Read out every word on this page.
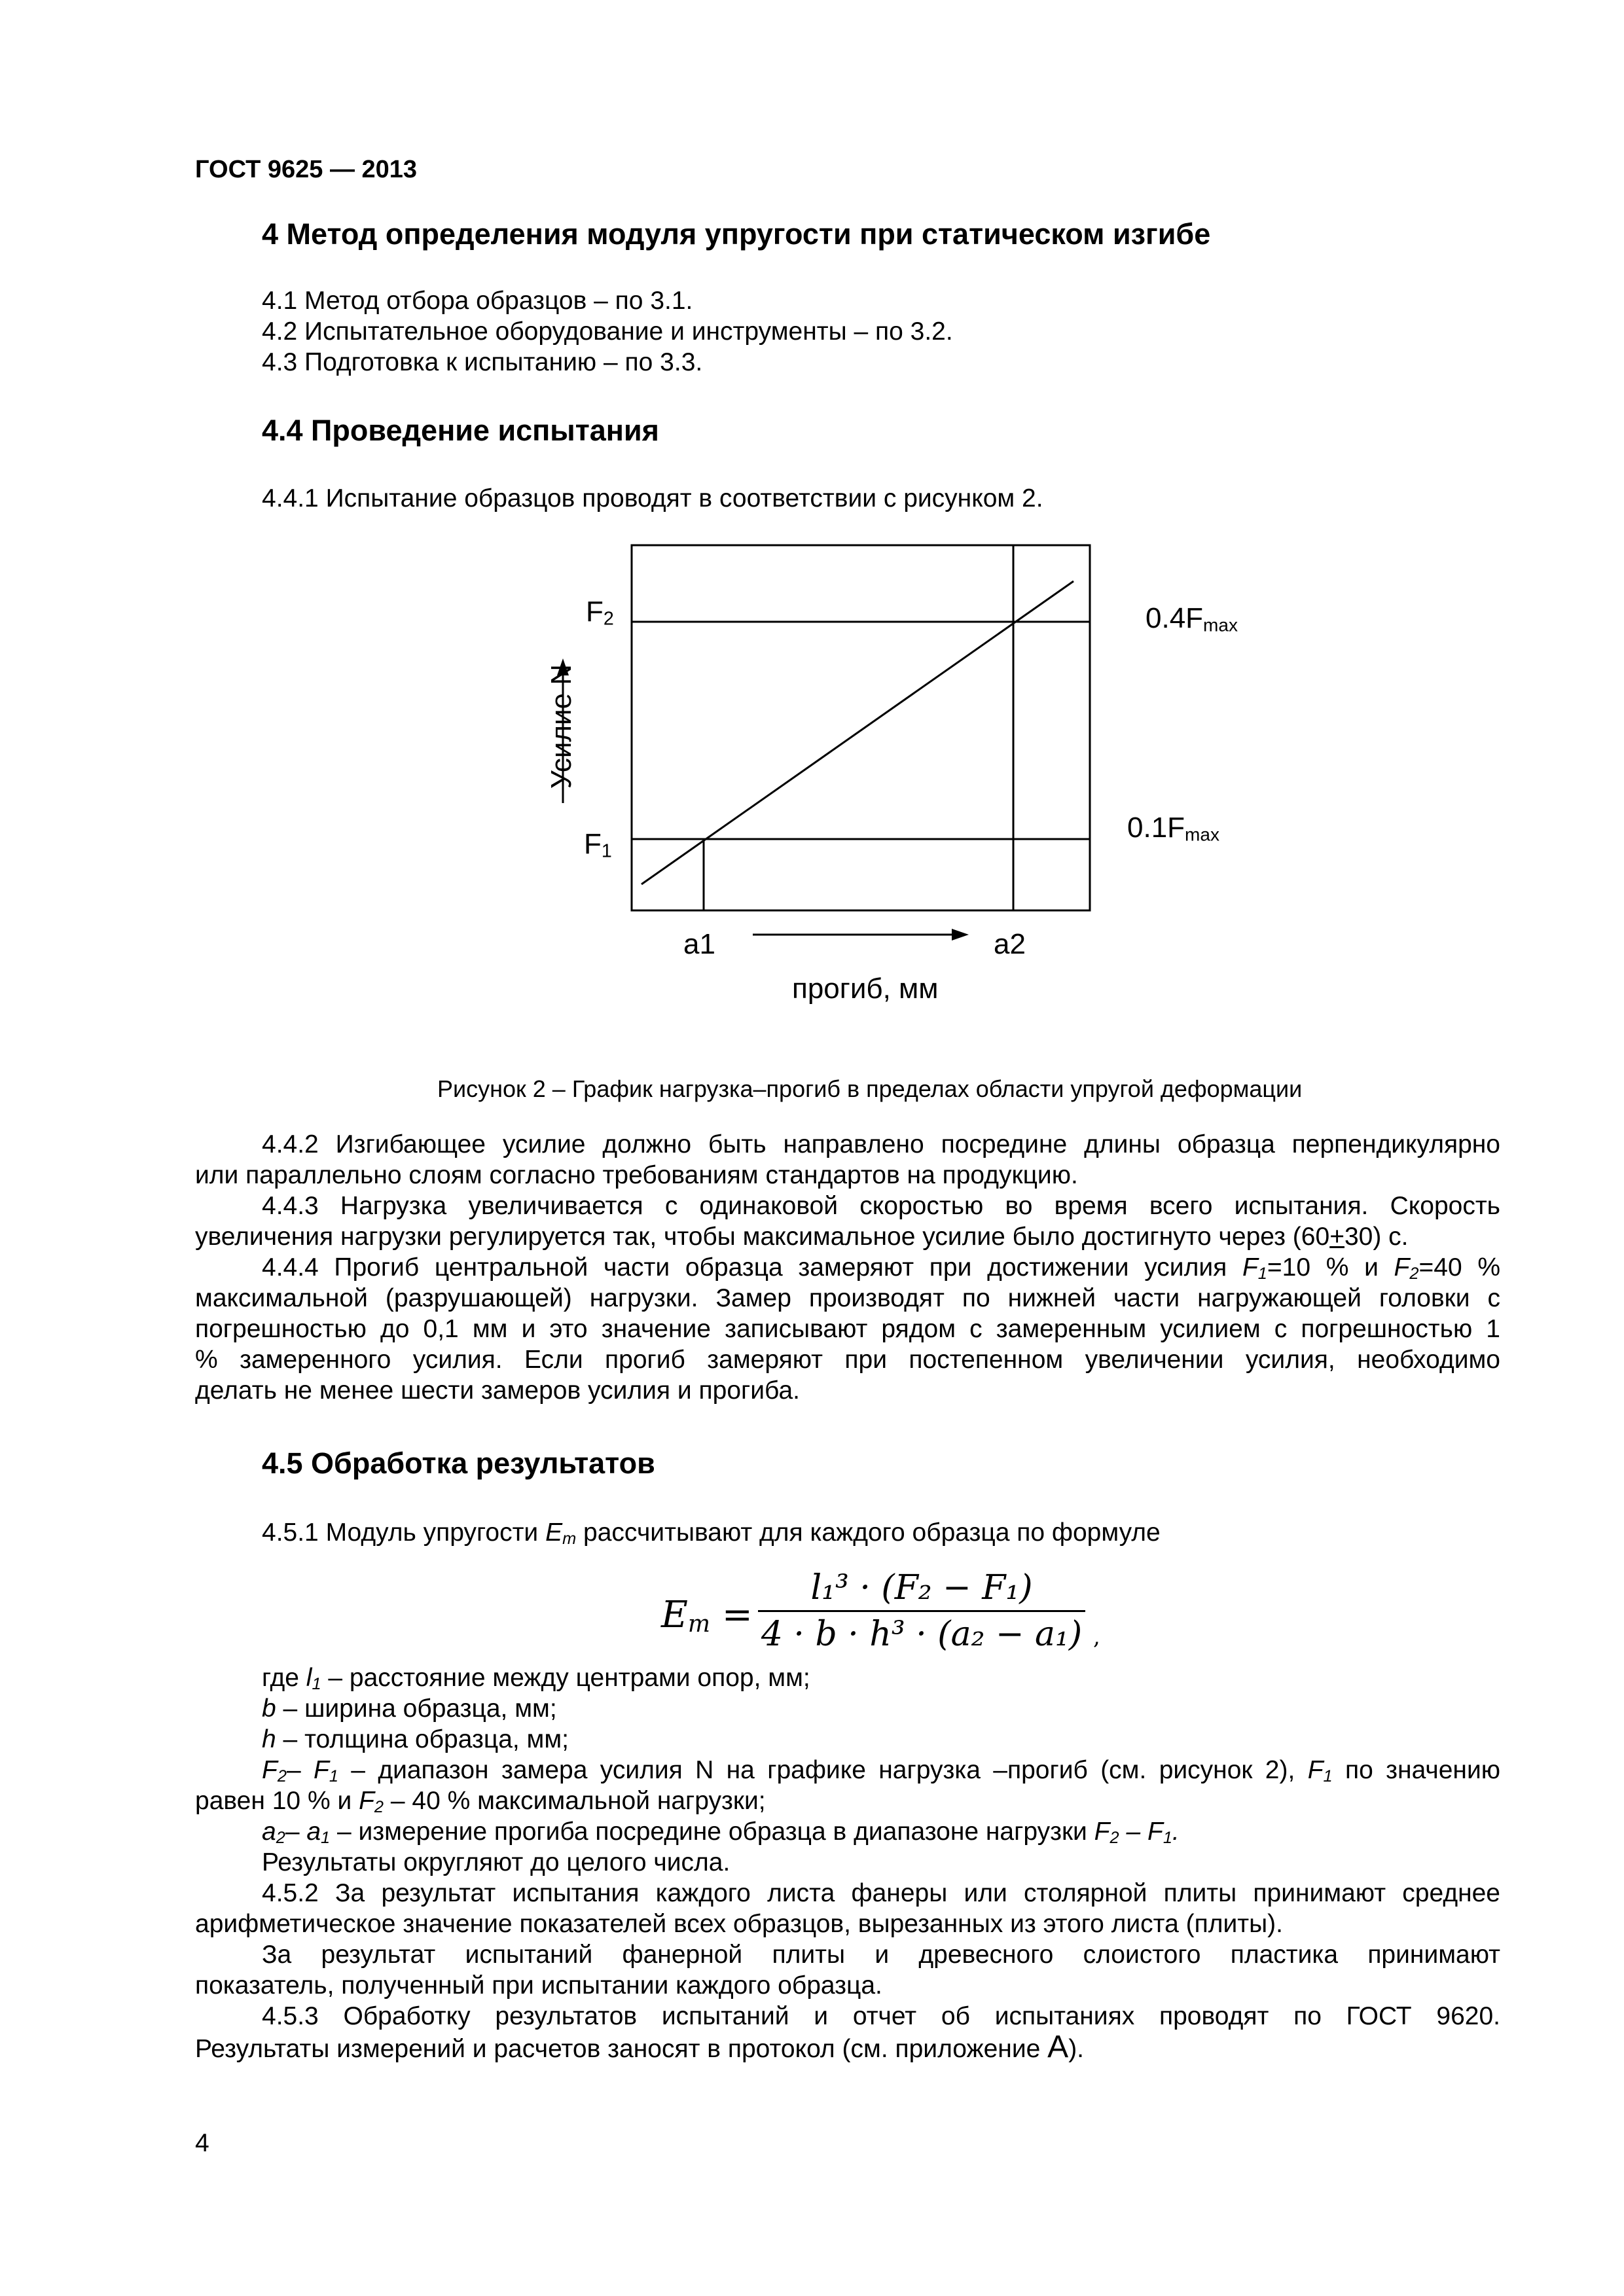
ГОСТ 9625 — 2013
4 Метод определения модуля упругости при статическом изгибе
4.1 Метод отбора образцов – по 3.1.
4.2 Испытательное оборудование и инструменты – по 3.2.
4.3 Подготовка к испытанию – по 3.3.
4.4 Проведение испытания
4.4.1 Испытание образцов проводят в соответствии с рисунком 2.
Усилие N
$F_2$
$F_1$
$0.4F_{max}$
$0.1F_{max}$
a1	a2
прогиб, мм
Рисунок 2 – График нагрузка–прогиб в пределах области упругой деформации
4.4.2 Изгибающее усилие должно быть направлено посредине длины образца перпендикулярно
или параллельно слоям согласно требованиям стандартов на продукцию.
4.4.3 Нагрузка увеличивается с одинаковой скоростью во время всего испытания. Скорость
увеличения нагрузки регулируется так, чтобы максимальное усилие было достигнуто через (60+30) с.
4.4.4 Прогиб центральной части образца замеряют при достижении усилия $F_1=10$ % и $F_2=40$ %
максимальной (разрушающей) нагрузки. Замер производят по нижней части нагружающей головки с
погрешностью до 0,1 мм и это значение записывают рядом с замеренным усилием с погрешностью 1
% замеренного усилия. Если прогиб замеряют при постепенном увеличении усилия, необходимо
делать не менее шести замеров усилия и прогиба.
4.5 Обработка результатов
4.5.1 Модуль упругости $E_m$ рассчитывают для каждого образца по формуле
$E_m$ =
l₁³ · (F₂ − F₁)
4 · b · h³ · (a₂ − a₁) ,
где $l_1$ – расстояние между центрами опор, мм;
b – ширина образца, мм;
h – толщина образца, мм;
$F_2-$ $F_1$ – диапазон замера усилия N на графике нагрузка –прогиб (см. рисунок 2), $F_1$ по значению
равен 10 % и $F_2 - 40$ % максимальной нагрузки;
$a_2-$ $a_1$ – измерение прогиба посредине образца в диапазоне нагрузки $F_2 - F_1$.
Результаты округляют до целого числа.
4.5.2 За результат испытания каждого листа фанеры или столярной плиты принимают среднее
арифметическое значение показателей всех образцов, вырезанных из этого листа (плиты).
За результат испытаний фанерной плиты и древесного слоистого пластика принимают
показатель, полученный при испытании каждого образца.
4.5.3 Обработку результатов испытаний и отчет об испытаниях проводят по ГОСТ 9620.
Результаты измерений и расчетов заносят в протокол (см. приложение А).
4
